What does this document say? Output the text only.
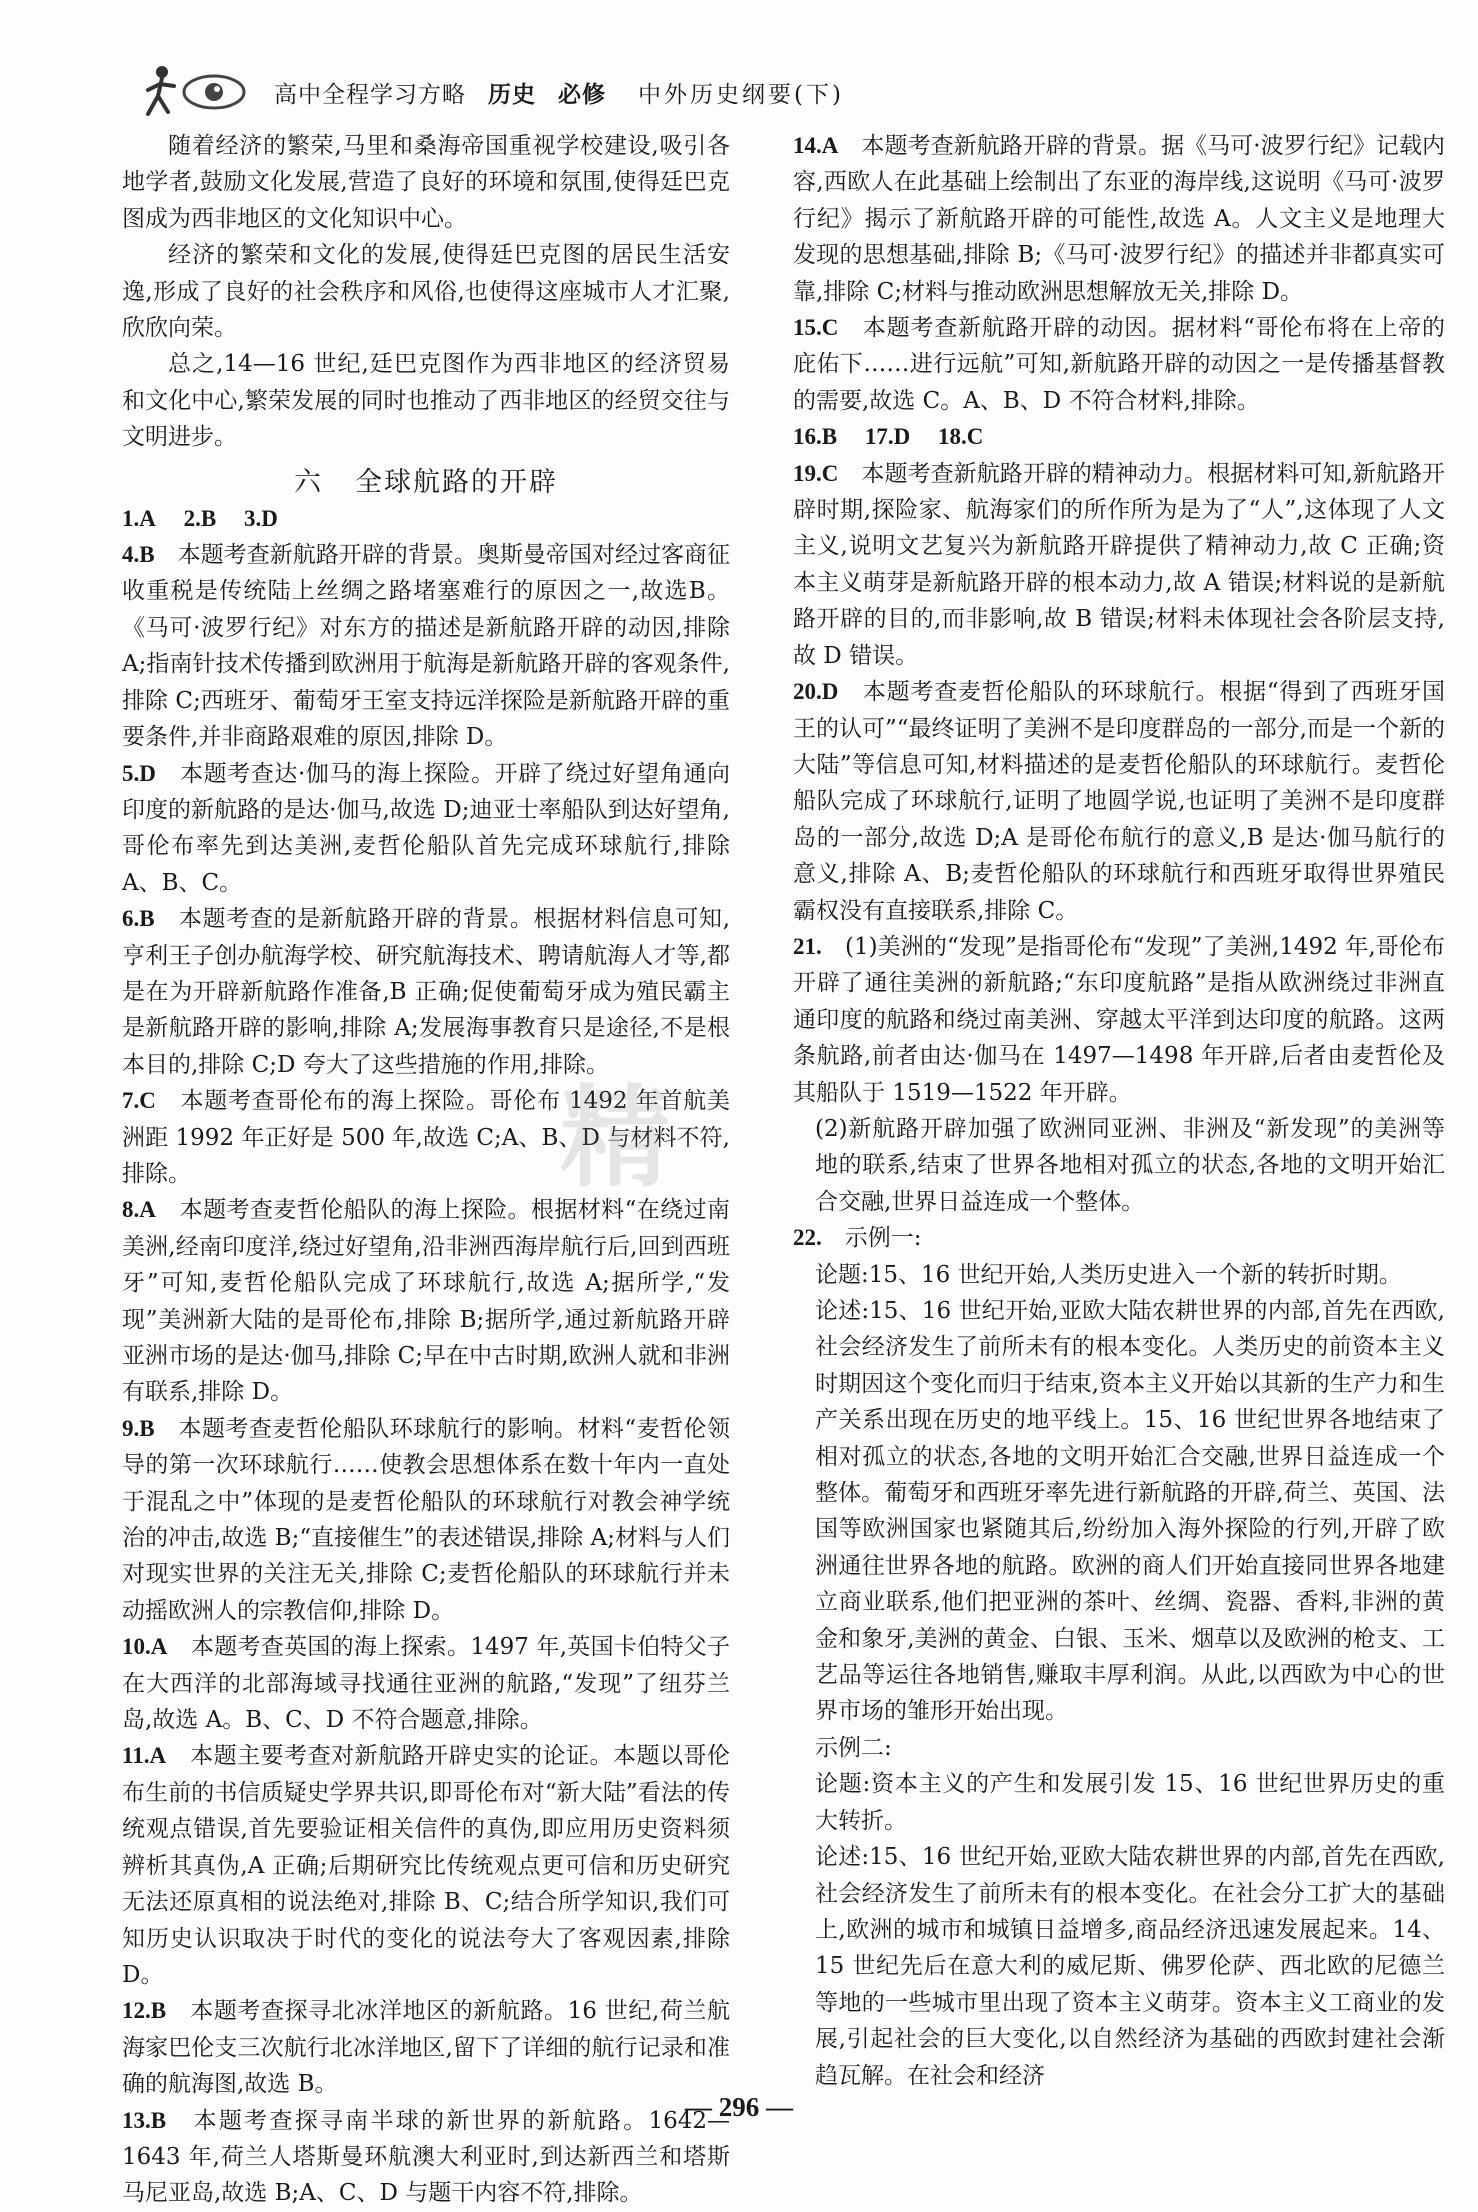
高中全程学习方略 历史 必修 中外历史纲要(下)

随着经济的繁荣,马里和桑海帝国重视学校建设,吸引各地学者,鼓励文化发展,营造了良好的环境和氛围,使得廷巴克图成为西非地区的文化知识中心。

经济的繁荣和文化的发展,使得廷巴克图的居民生活安逸,形成了良好的社会秩序和风俗,也使得这座城市人才汇聚,欣欣向荣。

总之,14—16 世纪,廷巴克图作为西非地区的经济贸易和文化中心,繁荣发展的同时也推动了西非地区的经贸交往与文明进步。

六 全球航路的开辟
1.A 2.B 3.D

4.B　 本题考查新航路开辟的背景。奥斯曼帝国对经过客商征收重税是传统陆上丝绸之路堵塞难行的原因之一,故选B。《马可·波罗行纪》对东方的描述是新航路开辟的动因,排除 A;指南针技术传播到欧洲用于航海是新航路开辟的客观条件,排除 C;西班牙、葡萄牙王室支持远洋探险是新航路开辟的重要条件,并非商路艰难的原因,排除 D。

5.D　 本题考查达·伽马的海上探险。开辟了绕过好望角通向印度的新航路的是达·伽马,故选 D;迪亚士率船队到达好望角,哥伦布率先到达美洲,麦哲伦船队首先完成环球航行,排除 A、B、C。

6.B　 本题考查的是新航路开辟的背景。根据材料信息可知,亨利王子创办航海学校、研究航海技术、聘请航海人才等,都是在为开辟新航路作准备,B 正确;促使葡萄牙成为殖民霸主是新航路开辟的影响,排除 A;发展海事教育只是途径,不是根本目的,排除 C;D 夸大了这些措施的作用,排除。

7.C　 本题考查哥伦布的海上探险。哥伦布 1492 年首航美洲距 1992 年正好是 500 年,故选 C;A、B、D 与材料不符,排除。

8.A　 本题考查麦哲伦船队的海上探险。根据材料“在绕过南美洲,经南印度洋,绕过好望角,沿非洲西海岸航行后,回到西班牙”可知,麦哲伦船队完成了环球航行,故选 A;据所学,“发现”美洲新大陆的是哥伦布,排除 B;据所学,通过新航路开辟亚洲市场的是达·伽马,排除 C;早在中古时期,欧洲人就和非洲有联系,排除 D。

9.B　 本题考查麦哲伦船队环球航行的影响。材料“麦哲伦领导的第一次环球航行……使教会思想体系在数十年内一直处于混乱之中”体现的是麦哲伦船队的环球航行对教会神学统治的冲击,故选 B;“直接催生”的表述错误,排除 A;材料与人们对现实世界的关注无关,排除 C;麦哲伦船队的环球航行并未动摇欧洲人的宗教信仰,排除 D。

10.A　 本题考查英国的海上探索。1497 年,英国卡伯特父子在大西洋的北部海域寻找通往亚洲的航路,“发现”了纽芬兰岛,故选 A。B、C、D 不符合题意,排除。

11.A　 本题主要考查对新航路开辟史实的论证。本题以哥伦布生前的书信质疑史学界共识,即哥伦布对“新大陆”看法的传统观点错误,首先要验证相关信件的真伪,即应用历史资料须辨析其真伪,A 正确;后期研究比传统观点更可信和历史研究无法还原真相的说法绝对,排除 B、C;结合所学知识,我们可知历史认识取决于时代的变化的说法夸大了客观因素,排除 D。

12.B　 本题考查探寻北冰洋地区的新航路。16 世纪,荷兰航海家巴伦支三次航行北冰洋地区,留下了详细的航行记录和准确的航海图,故选 B。

13.B　 本题考查探寻南半球的新世界的新航路。1642—1643 年,荷兰人塔斯曼环航澳大利亚时,到达新西兰和塔斯马尼亚岛,故选 B;A、C、D 与题干内容不符,排除。

14.A　 本题考查新航路开辟的背景。据《马可·波罗行纪》记载内容,西欧人在此基础上绘制出了东亚的海岸线,这说明《马可·波罗行纪》揭示了新航路开辟的可能性,故选 A。人文主义是地理大发现的思想基础,排除 B;《马可·波罗行纪》的描述并非都真实可靠,排除 C;材料与推动欧洲思想解放无关,排除 D。

15.C　 本题考查新航路开辟的动因。据材料“哥伦布将在上帝的庇佑下……进行远航”可知,新航路开辟的动因之一是传播基督教的需要,故选 C。A、B、D 不符合材料,排除。

16.B 17.D 18.C

19.C　 本题考查新航路开辟的精神动力。根据材料可知,新航路开辟时期,探险家、航海家们的所作所为是为了“人”,这体现了人文主义,说明文艺复兴为新航路开辟提供了精神动力,故 C 正确;资本主义萌芽是新航路开辟的根本动力,故 A 错误;材料说的是新航路开辟的目的,而非影响,故 B 错误;材料未体现社会各阶层支持,故 D 错误。

20.D　 本题考查麦哲伦船队的环球航行。根据“得到了西班牙国王的认可”“最终证明了美洲不是印度群岛的一部分,而是一个新的大陆”等信息可知,材料描述的是麦哲伦船队的环球航行。麦哲伦船队完成了环球航行,证明了地圆学说,也证明了美洲不是印度群岛的一部分,故选 D;A 是哥伦布航行的意义,B 是达·伽马航行的意义,排除 A、B;麦哲伦船队的环球航行和西班牙取得世界殖民霸权没有直接联系,排除 C。

21.　 (1)美洲的“发现”是指哥伦布“发现”了美洲,1492 年,哥伦布开辟了通往美洲的新航路;“东印度航路”是指从欧洲绕过非洲直通印度的航路和绕过南美洲、穿越太平洋到达印度的航路。这两条航路,前者由达·伽马在 1497—1498 年开辟,后者由麦哲伦及其船队于 1519—1522 年开辟。

(2)新航路开辟加强了欧洲同亚洲、非洲及“新发现”的美洲等地的联系,结束了世界各地相对孤立的状态,各地的文明开始汇合交融,世界日益连成一个整体。

22.　 示例一:

论题:15、16 世纪开始,人类历史进入一个新的转折时期。

论述:15、16 世纪开始,亚欧大陆农耕世界的内部,首先在西欧,社会经济发生了前所未有的根本变化。人类历史的前资本主义时期因这个变化而归于结束,资本主义开始以其新的生产力和生产关系出现在历史的地平线上。15、16 世纪世界各地结束了相对孤立的状态,各地的文明开始汇合交融,世界日益连成一个整体。葡萄牙和西班牙率先进行新航路的开辟,荷兰、英国、法国等欧洲国家也紧随其后,纷纷加入海外探险的行列,开辟了欧洲通往世界各地的航路。欧洲的商人们开始直接同世界各地建立商业联系,他们把亚洲的茶叶、丝绸、瓷器、香料,非洲的黄金和象牙,美洲的黄金、白银、玉米、烟草以及欧洲的枪支、工艺品等运往各地销售,赚取丰厚利润。从此,以西欧为中心的世界市场的雏形开始出现。

示例二:

论题:资本主义的产生和发展引发 15、16 世纪世界历史的重大转折。

论述:15、16 世纪开始,亚欧大陆农耕世界的内部,首先在西欧,社会经济发生了前所未有的根本变化。在社会分工扩大的基础上,欧洲的城市和城镇日益增多,商品经济迅速发展起来。14、15 世纪先后在意大利的威尼斯、佛罗伦萨、西北欧的尼德兰等地的一些城市里出现了资本主义萌芽。资本主义工商业的发展,引起社会的巨大变化,以自然经济为基础的西欧封建社会渐趋瓦解。在社会和经济

精
— 296 —
